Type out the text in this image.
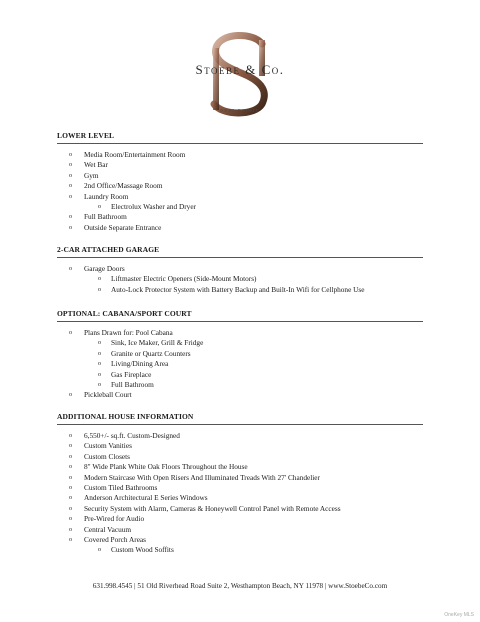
Stoebe & Co.
REAL ESTATE
LOWER LEVEL
o Media Room/Entertainment Room
o Wet Bar
o Gym
o 2nd Office/Massage Room
o Laundry Room
o Electrolux Washer and Dryer
o Full Bathroom
o Outside Separate Entrance
2-CAR ATTACHED GARAGE
o Garage Doors
o Liftmaster Electric Openers (Side-Mount Motors)
o Auto-Lock Protector System with Battery Backup and Built-In Wifi for Cellphone Use
OPTIONAL: CABANA/SPORT COURT
o Plans Drawn for: Pool Cabana
o Sink, Ice Maker, Grill & Fridge
o Granite or Quartz Counters
o Living/Dining Area
o Gas Fireplace
o Full Bathroom
o Pickleball Court
ADDITIONAL HOUSE INFORMATION
o 6,550+/- sq.ft. Custom-Designed
o Custom Vanities
o Custom Closets
o 8" Wide Plank White Oak Floors Throughout the House
o Modern Staircase With Open Risers And Illuminated Treads With 27' Chandelier
o Custom Tiled Bathrooms
o Anderson Architectural E Series Windows
o Security System with Alarm, Cameras & Honeywell Control Panel with Remote Access
o Pre-Wired for Audio
o Central Vacuum
o Covered Porch Areas
o Custom Wood Soffits
631.998.4545 | 51 Old Riverhead Road Suite 2, Westhampton Beach, NY 11978 | www.StoebeCo.com
OneKey MLS
